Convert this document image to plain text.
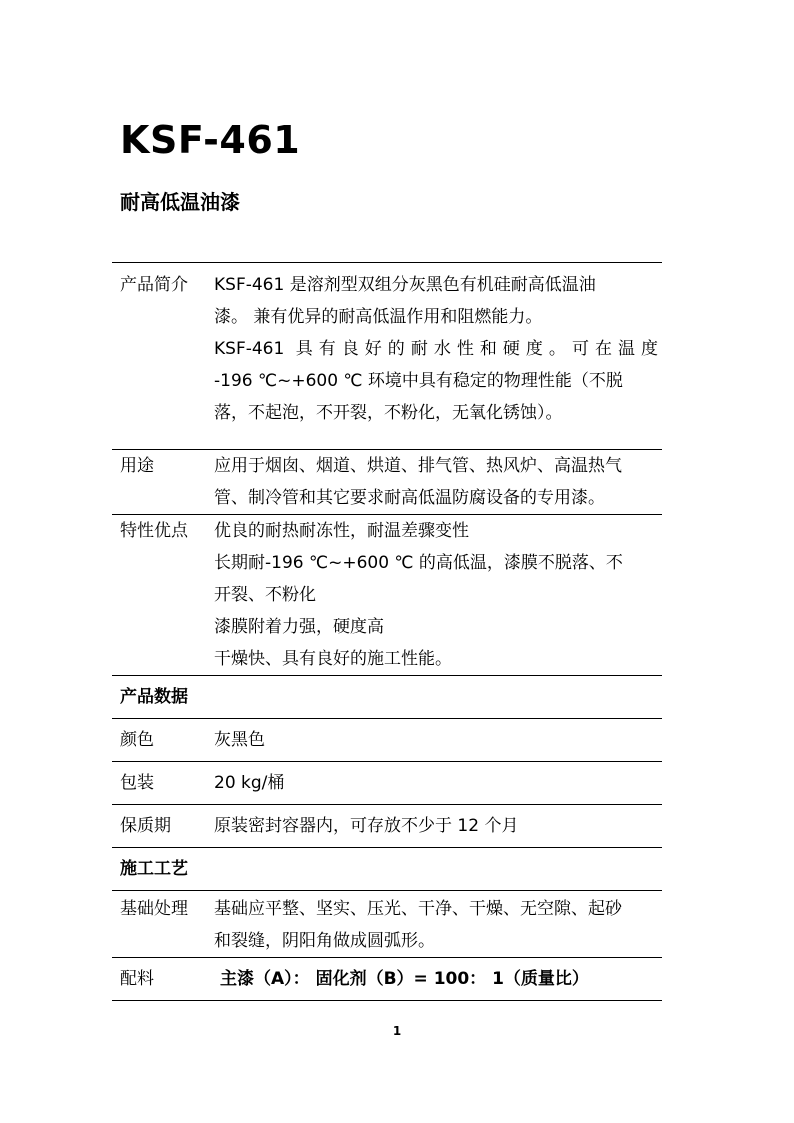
KSF-461
耐高低温油漆
产品简介	KSF-461 是溶剂型双组分灰黑色有机硅耐高低温油
漆。 兼有优异的耐高低温作用和阻燃能力。
KSF-461 具有良好的耐水性和硬度。可在温度
-196 ℃~+600 ℃ 环境中具有稳定的物理性能（不脱
落，不起泡，不开裂，不粉化，无氧化锈蚀）。

用途	应用于烟囱、烟道、烘道、排气管、热风炉、高温热气
管、制冷管和其它要求耐高低温防腐设备的专用漆。

特性优点	优良的耐热耐冻性，耐温差骤变性
长期耐-196 ℃~+600 ℃ 的高低温，漆膜不脱落、不
开裂、不粉化
漆膜附着力强，硬度高
干燥快、具有良好的施工性能。

产品数据	

颜色	灰黑色

包装	20 kg/桶

保质期	原装密封容器内，可存放不少于 12 个月

施工工艺	

基础处理	基础应平整、坚实、压光、干净、干燥、无空隙、起砂
和裂缝，阴阳角做成圆弧形。

配料	主漆（A）： 固化剂（B）= 100： 1（质量比）
1
